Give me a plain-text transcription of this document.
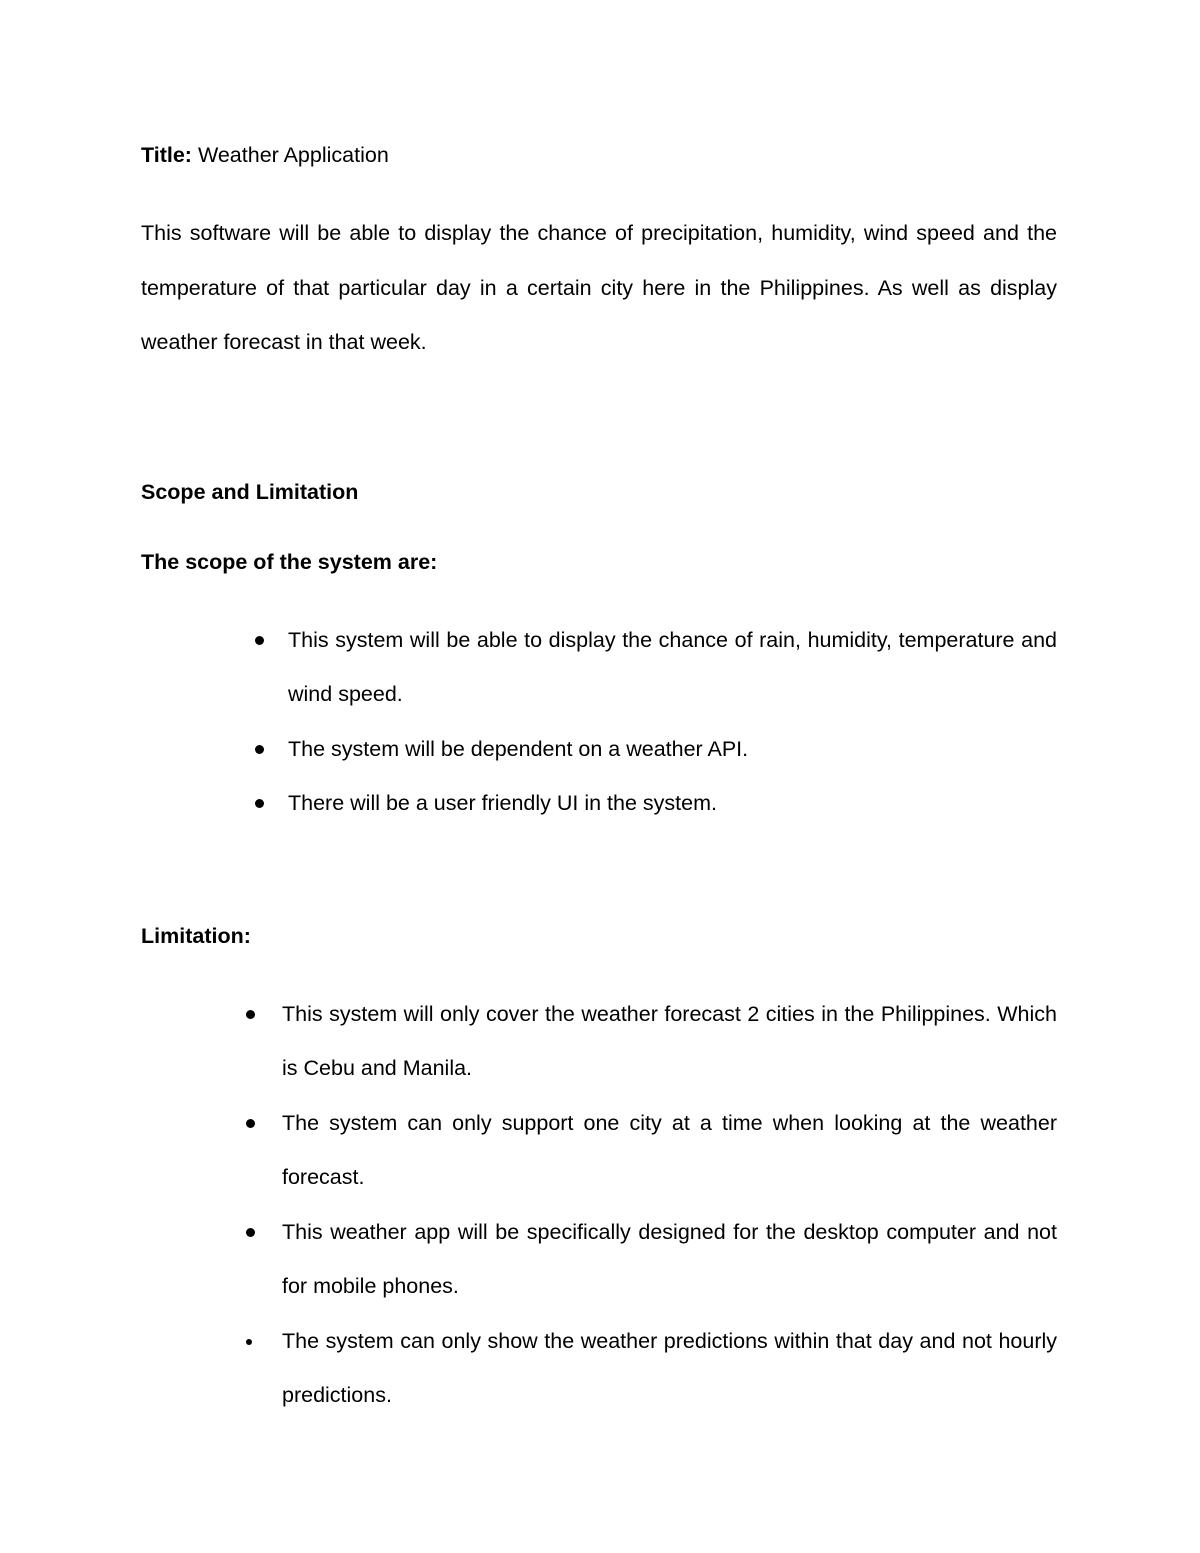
Title: Weather Application

This software will be able to display the chance of precipitation, humidity, wind speed and the temperature of that particular day in a certain city here in the Philippines. As well as display weather forecast in that week.

Scope and Limitation

The scope of the system are:

This system will be able to display the chance of rain, humidity, temperature and wind speed.
The system will be dependent on a weather API.
There will be a user friendly UI in the system.

Limitation:

This system will only cover the weather forecast 2 cities in the Philippines. Which is Cebu and Manila.
The system can only support one city at a time when looking at the weather forecast.
This weather app will be specifically designed for the desktop computer and not for mobile phones.
The system can only show the weather predictions within that day and not hourly predictions.
